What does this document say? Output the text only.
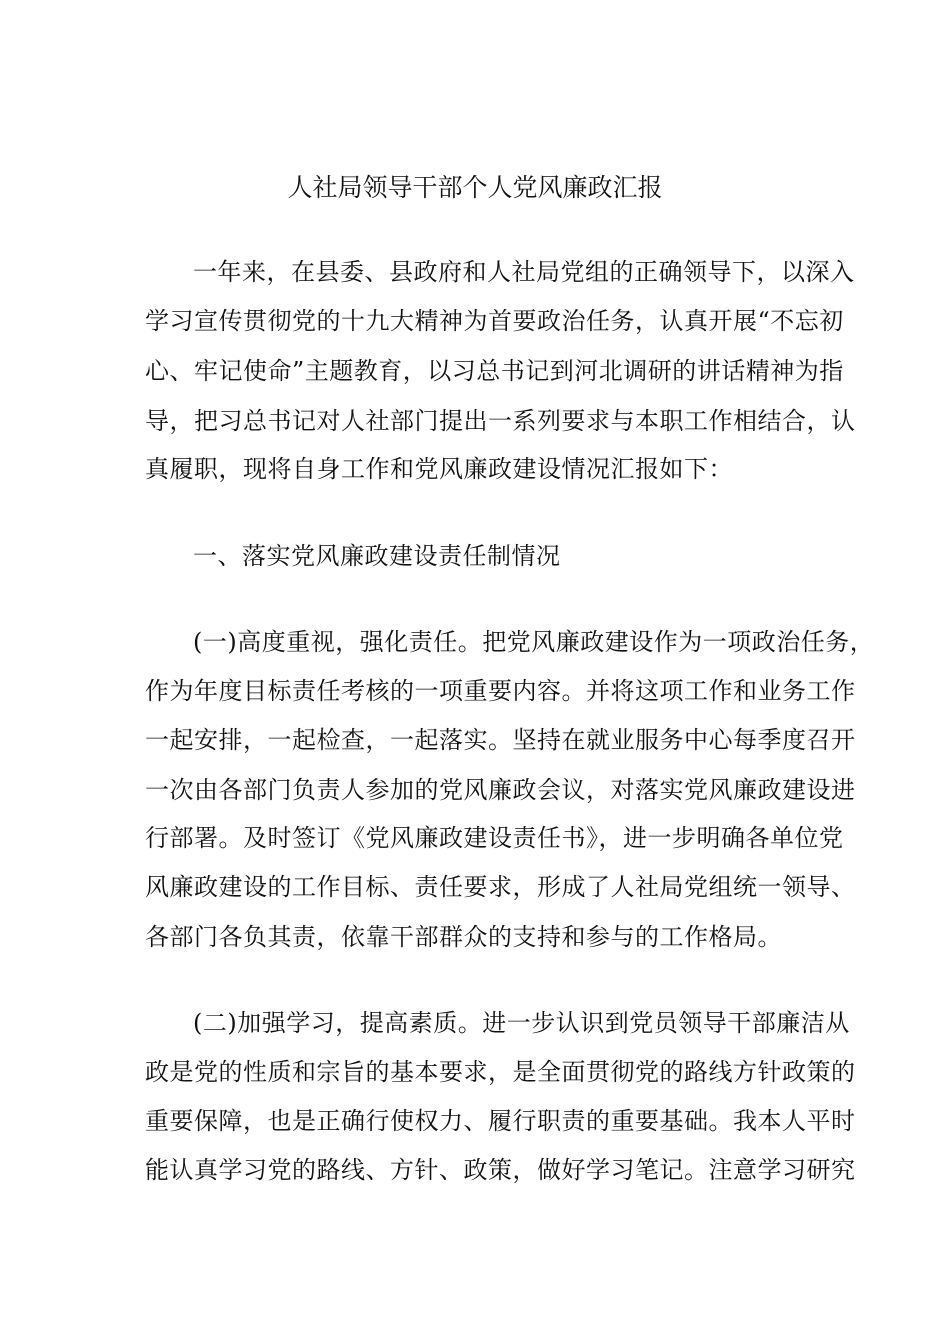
人社局领导干部个人党风廉政汇报
一年来，在县委、县政府和人社局党组的正确领导下，以深入
学习宣传贯彻党的十九大精神为首要政治任务，认真开展“不忘初
心、牢记使命”主题教育，以习总书记到河北调研的讲话精神为指
导，把习总书记对人社部门提出一系列要求与本职工作相结合，认
真履职，现将自身工作和党风廉政建设情况汇报如下：
一、落实党风廉政建设责任制情况
(一)高度重视，强化责任。把党风廉政建设作为一项政治任务，
作为年度目标责任考核的一项重要内容。并将这项工作和业务工作
一起安排，一起检查，一起落实。坚持在就业服务中心每季度召开
一次由各部门负责人参加的党风廉政会议，对落实党风廉政建设进
行部署。及时签订《党风廉政建设责任书》，进一步明确各单位党
风廉政建设的工作目标、责任要求，形成了人社局党组统一领导、
各部门各负其责，依靠干部群众的支持和参与的工作格局。
(二)加强学习，提高素质。进一步认识到党员领导干部廉洁从
政是党的性质和宗旨的基本要求，是全面贯彻党的路线方针政策的
重要保障，也是正确行使权力、履行职责的重要基础。我本人平时
能认真学习党的路线、方针、政策，做好学习笔记。注意学习研究
